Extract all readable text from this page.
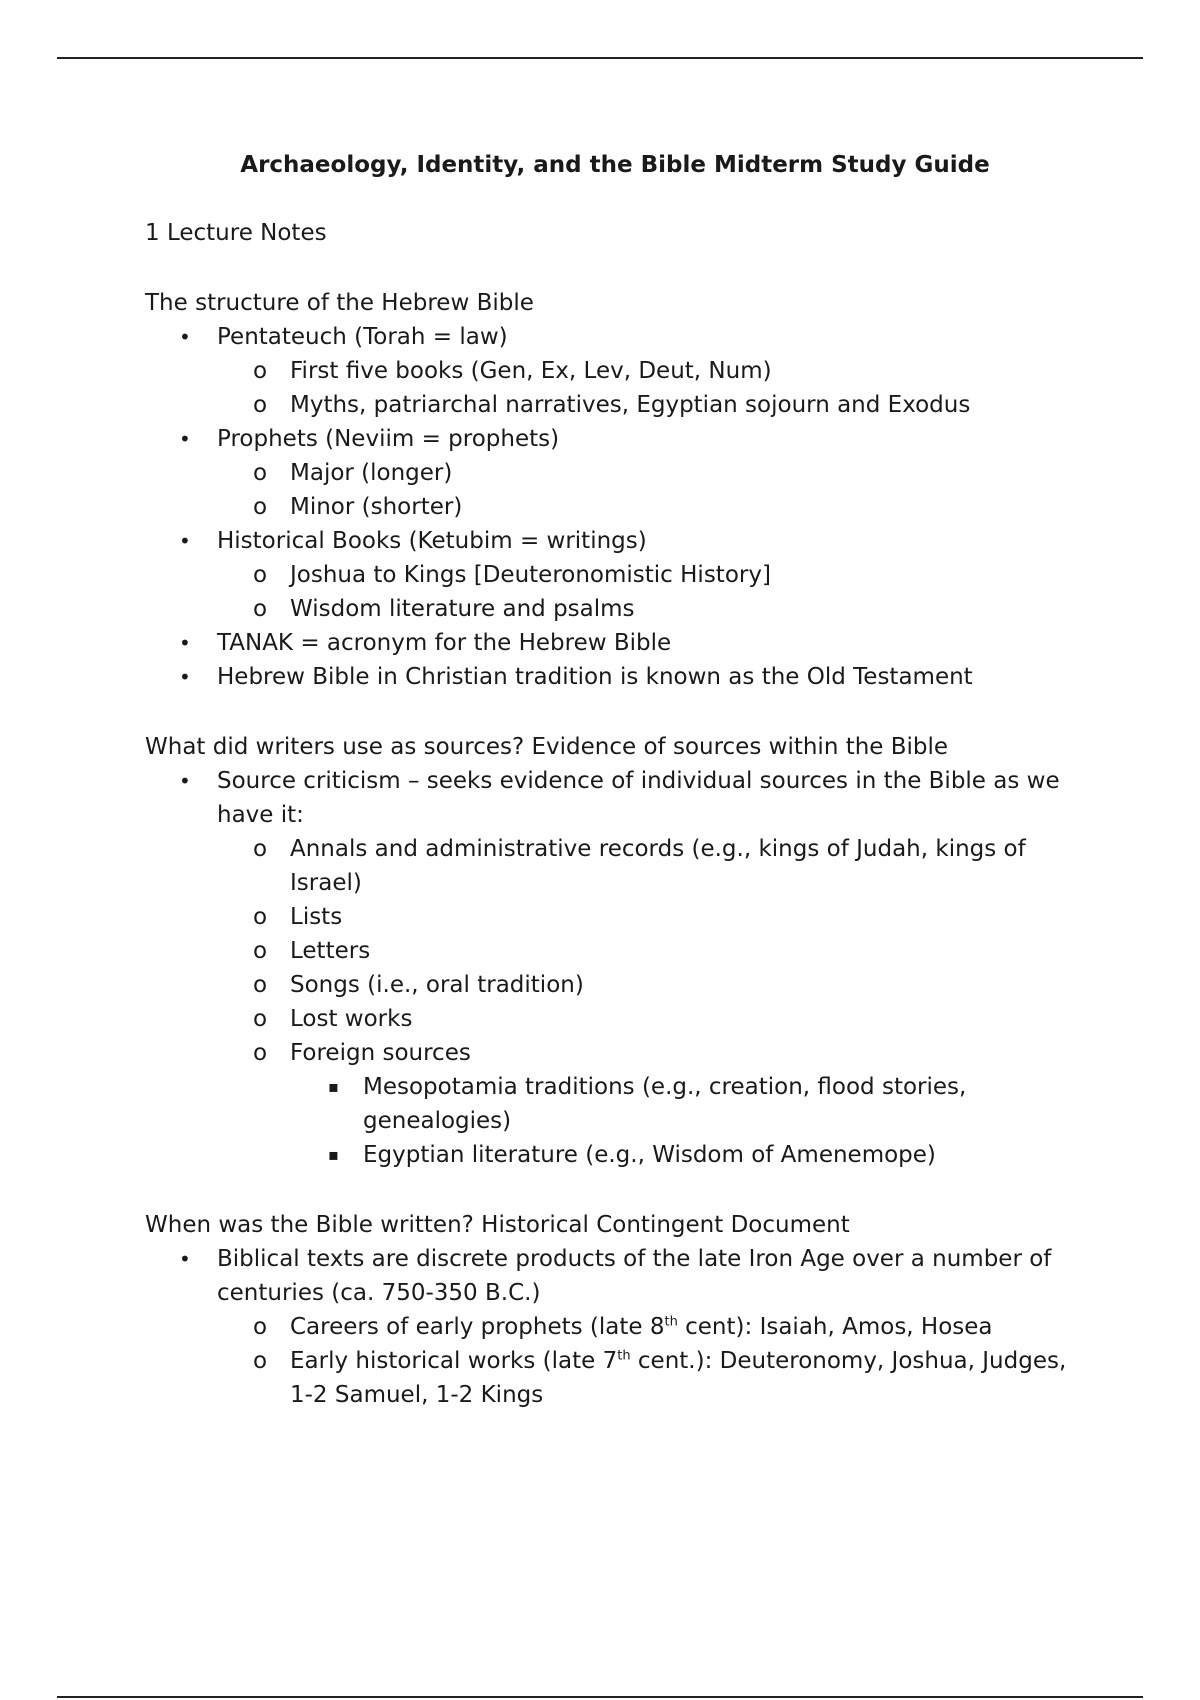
Archaeology, Identity, and the Bible Midterm Study Guide
1 Lecture Notes
The structure of the Hebrew Bible
• Pentateuch (Torah = law)
o First five books (Gen, Ex, Lev, Deut, Num)
o Myths, patriarchal narratives, Egyptian sojourn and Exodus
• Prophets (Neviim = prophets)
o Major (longer)
o Minor (shorter)
• Historical Books (Ketubim = writings)
o Joshua to Kings [Deuteronomistic History]
o Wisdom literature and psalms
• TANAK = acronym for the Hebrew Bible
• Hebrew Bible in Christian tradition is known as the Old Testament
What did writers use as sources? Evidence of sources within the Bible
• Source criticism – seeks evidence of individual sources in the Bible as we have it:
o Annals and administrative records (e.g., kings of Judah, kings of Israel)
o Lists
o Letters
o Songs (i.e., oral tradition)
o Lost works
o Foreign sources
▪ Mesopotamia traditions (e.g., creation, flood stories, genealogies)
▪ Egyptian literature (e.g., Wisdom of Amenemope)
When was the Bible written? Historical Contingent Document
• Biblical texts are discrete products of the late Iron Age over a number of centuries (ca. 750-350 B.C.)
o Careers of early prophets (late 8th cent): Isaiah, Amos, Hosea
o Early historical works (late 7th cent.): Deuteronomy, Joshua, Judges, 1-2 Samuel, 1-2 Kings
